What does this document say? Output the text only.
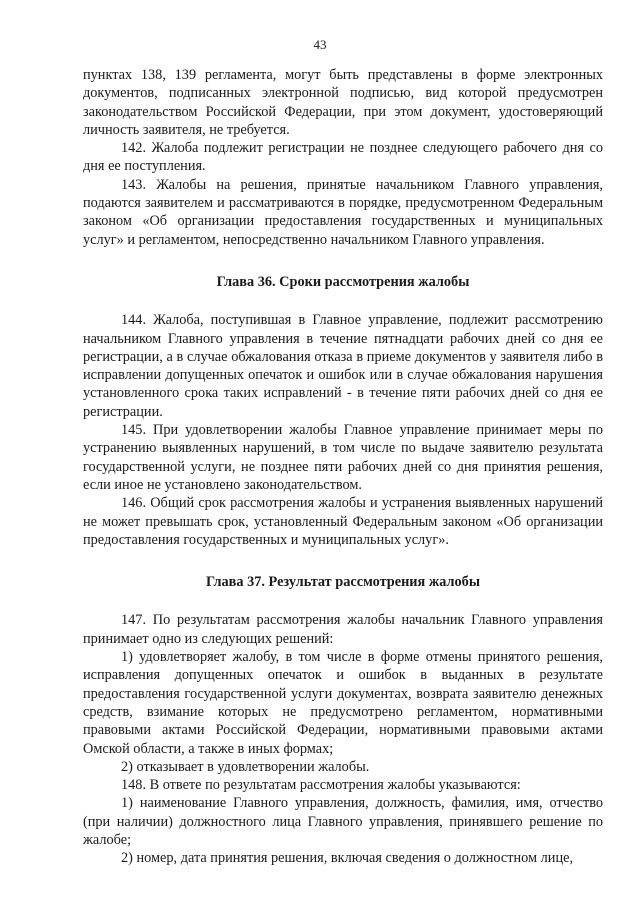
43

пунктах 138, 139 регламента, могут быть представлены в форме электронных документов, подписанных электронной подписью, вид которой предусмотрен законодательством Российской Федерации, при этом документ, удостоверяющий личность заявителя, не требуется.

142. Жалоба подлежит регистрации не позднее следующего рабочего дня со дня ее поступления.

143. Жалобы на решения, принятые начальником Главного управления, подаются заявителем и рассматриваются в порядке, предусмотренном Федеральным законом «Об организации предоставления государственных и муниципальных услуг» и регламентом, непосредственно начальником Главного управления.

Глава 36. Сроки рассмотрения жалобы

144. Жалоба, поступившая в Главное управление, подлежит рассмотрению начальником Главного управления в течение пятнадцати рабочих дней со дня ее регистрации, а в случае обжалования отказа в приеме документов у заявителя либо в исправлении допущенных опечаток и ошибок или в случае обжалования нарушения установленного срока таких исправлений - в течение пяти рабочих дней со дня ее регистрации.

145. При удовлетворении жалобы Главное управление принимает меры по устранению выявленных нарушений, в том числе по выдаче заявителю результата государственной услуги, не позднее пяти рабочих дней со дня принятия решения, если иное не установлено законодательством.

146. Общий срок рассмотрения жалобы и устранения выявленных нарушений не может превышать срок, установленный Федеральным законом «Об организации предоставления государственных и муниципальных услуг».

Глава 37. Результат рассмотрения жалобы

147. По результатам рассмотрения жалобы начальник Главного управления принимает одно из следующих решений:

1) удовлетворяет жалобу, в том числе в форме отмены принятого решения, исправления допущенных опечаток и ошибок в выданных в результате предоставления государственной услуги документах, возврата заявителю денежных средств, взимание которых не предусмотрено регламентом, нормативными правовыми актами Российской Федерации, нормативными правовыми актами Омской области, а также в иных формах;

2) отказывает в удовлетворении жалобы.

148. В ответе по результатам рассмотрения жалобы указываются:

1) наименование Главного управления, должность, фамилия, имя, отчество (при наличии) должностного лица Главного управления, принявшего решение по жалобе;

2) номер, дата принятия решения, включая сведения о должностном лице,
